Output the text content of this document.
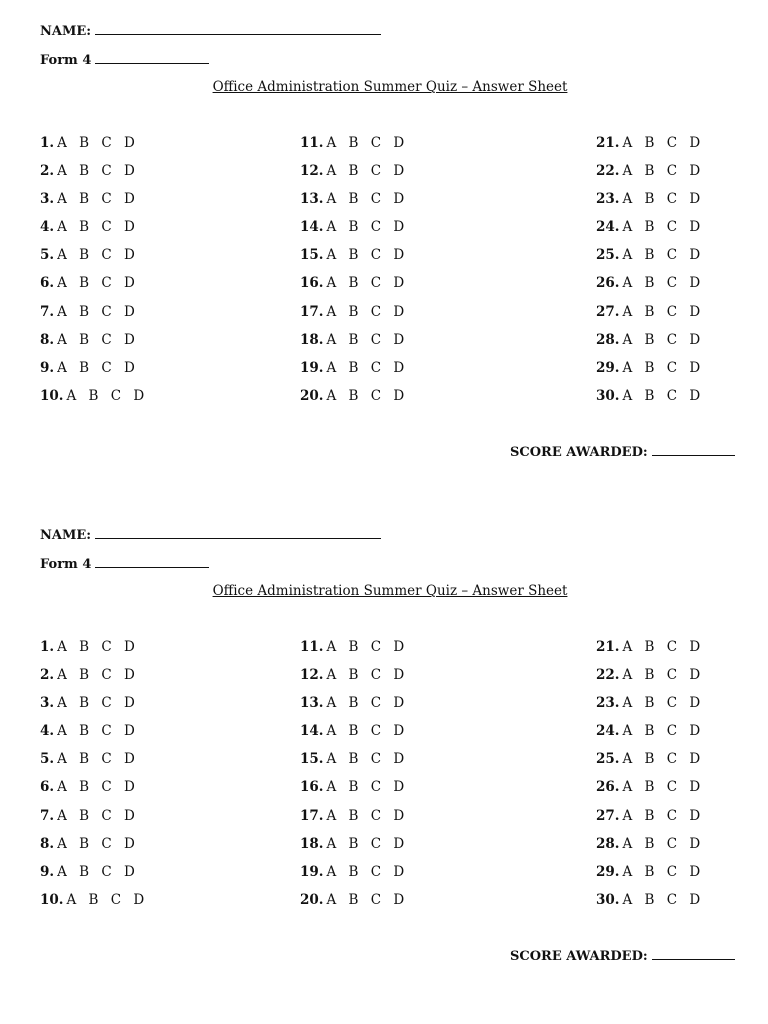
NAME:
Form 4
Office Administration Summer Quiz – Answer Sheet
1. A B C D
2. A B C D
3. A B C D
4. A B C D
5. A B C D
6. A B C D
7. A B C D
8. A B C D
9. A B C D
10. A B C D
11. A B C D
12. A B C D
13. A B C D
14. A B C D
15. A B C D
16. A B C D
17. A B C D
18. A B C D
19. A B C D
20. A B C D
21. A B C D
22. A B C D
23. A B C D
24. A B C D
25. A B C D
26. A B C D
27. A B C D
28. A B C D
29. A B C D
30. A B C D
SCORE AWARDED:
NAME:
Form 4
Office Administration Summer Quiz – Answer Sheet
1. A B C D
2. A B C D
3. A B C D
4. A B C D
5. A B C D
6. A B C D
7. A B C D
8. A B C D
9. A B C D
10. A B C D
11. A B C D
12. A B C D
13. A B C D
14. A B C D
15. A B C D
16. A B C D
17. A B C D
18. A B C D
19. A B C D
20. A B C D
21. A B C D
22. A B C D
23. A B C D
24. A B C D
25. A B C D
26. A B C D
27. A B C D
28. A B C D
29. A B C D
30. A B C D
SCORE AWARDED:
